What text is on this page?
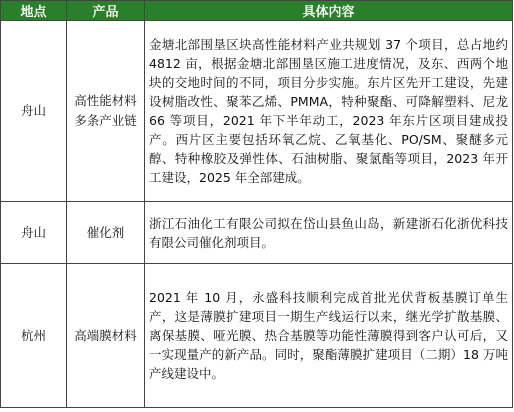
地点	产品	具体内容
舟山	高性能材料多条产业链	金塘北部围垦区块高性能材料产业共规划 37 个项目，总占地约 4812 亩，根据金塘北部围垦区施工进度情况，及东、西两个地块的交地时间的不同，项目分步实施。东片区先开工建设，先建设树脂改性、聚苯乙烯、PMMA，特种聚酯、可降解塑料、尼龙 66 等项目，2021 年下半年动工，2023 年东片区项目建成投产。西片区主要包括环氧乙烷、乙氧基化、PO/SM、聚醚多元醇、特种橡胶及弹性体、石油树脂、聚氯酯等项目，2023 年开工建设，2025 年全部建成。
舟山	催化剂	浙江石油化工有限公司拟在岱山县鱼山岛，新建浙石化浙优科技有限公司催化剂项目。
杭州	高端膜材料	2021 年 10 月，永盛科技顺利完成首批光伏背板基膜订单生产，这是薄膜扩建项目一期生产线运行以来，继光学扩散基膜、离保基膜、哑光膜、热合基膜等功能性薄膜得到客户认可后，又一实现量产的新产品。同时，聚酯薄膜扩建项目（二期）18 万吨产线建设中。
